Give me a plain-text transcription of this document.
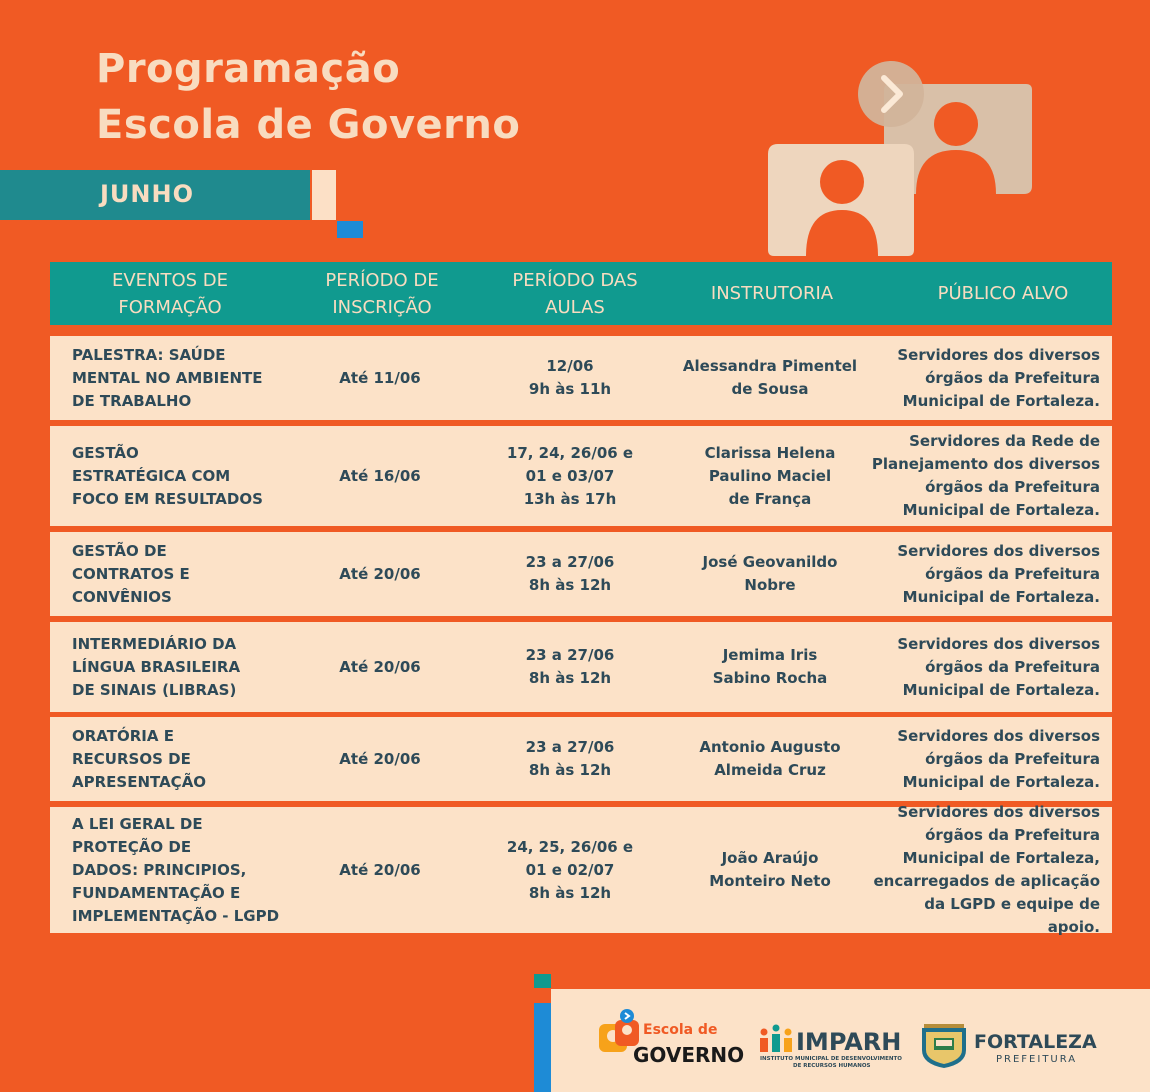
Programação
Escola de Governo
JUNHO
EVENTOS DE
FORMAÇÃO
PERÍODO DE
INSCRIÇÃO
PERÍODO DAS
AULAS
INSTRUTORIA	PÚBLICO ALVO
PALESTRA: SAÚDE
MENTAL NO AMBIENTE
DE TRABALHO
Até 11/06
12/06
9h às 11h
Alessandra Pimentel
de Sousa
Servidores dos diversos
órgãos da Prefeitura
Municipal de Fortaleza.
GESTÃO
ESTRATÉGICA COM
FOCO EM RESULTADOS
Até 16/06
17, 24, 26/06 e
01 e 03/07
13h às 17h
Clarissa Helena
Paulino Maciel
de França
Servidores da Rede de
Planejamento dos diversos
órgãos da Prefeitura
Municipal de Fortaleza.
GESTÃO DE
CONTRATOS E
CONVÊNIOS
Até 20/06
23 a 27/06
8h às 12h
José Geovanildo
Nobre
Servidores dos diversos
órgãos da Prefeitura
Municipal de Fortaleza.
INTERMEDIÁRIO DA
LÍNGUA BRASILEIRA
DE SINAIS (LIBRAS)
Até 20/06
23 a 27/06
8h às 12h
Jemima Iris
Sabino Rocha
Servidores dos diversos
órgãos da Prefeitura
Municipal de Fortaleza.
ORATÓRIA E
RECURSOS DE
APRESENTAÇÃO
Até 20/06
23 a 27/06
8h às 12h
Antonio Augusto
Almeida Cruz
Servidores dos diversos
órgãos da Prefeitura
Municipal de Fortaleza.
A LEI GERAL DE
PROTEÇÃO DE
DADOS: PRINCIPIOS,
FUNDAMENTAÇÃO E
IMPLEMENTAÇÃO - LGPD
Até 20/06
24, 25, 26/06 e
01 e 02/07
8h às 12h
João Araújo
Monteiro Neto
Servidores dos diversos
órgãos da Prefeitura
Municipal de Fortaleza,
encarregados de aplicação
da LGPD e equipe de apoio.
Escola de
GOVERNO IMPARH
INSTITUTO MUNICIPAL DE DESENVOLVIMENTO
DE RECURSOS HUMANOS
FORTALEZA
PREFEITURA
